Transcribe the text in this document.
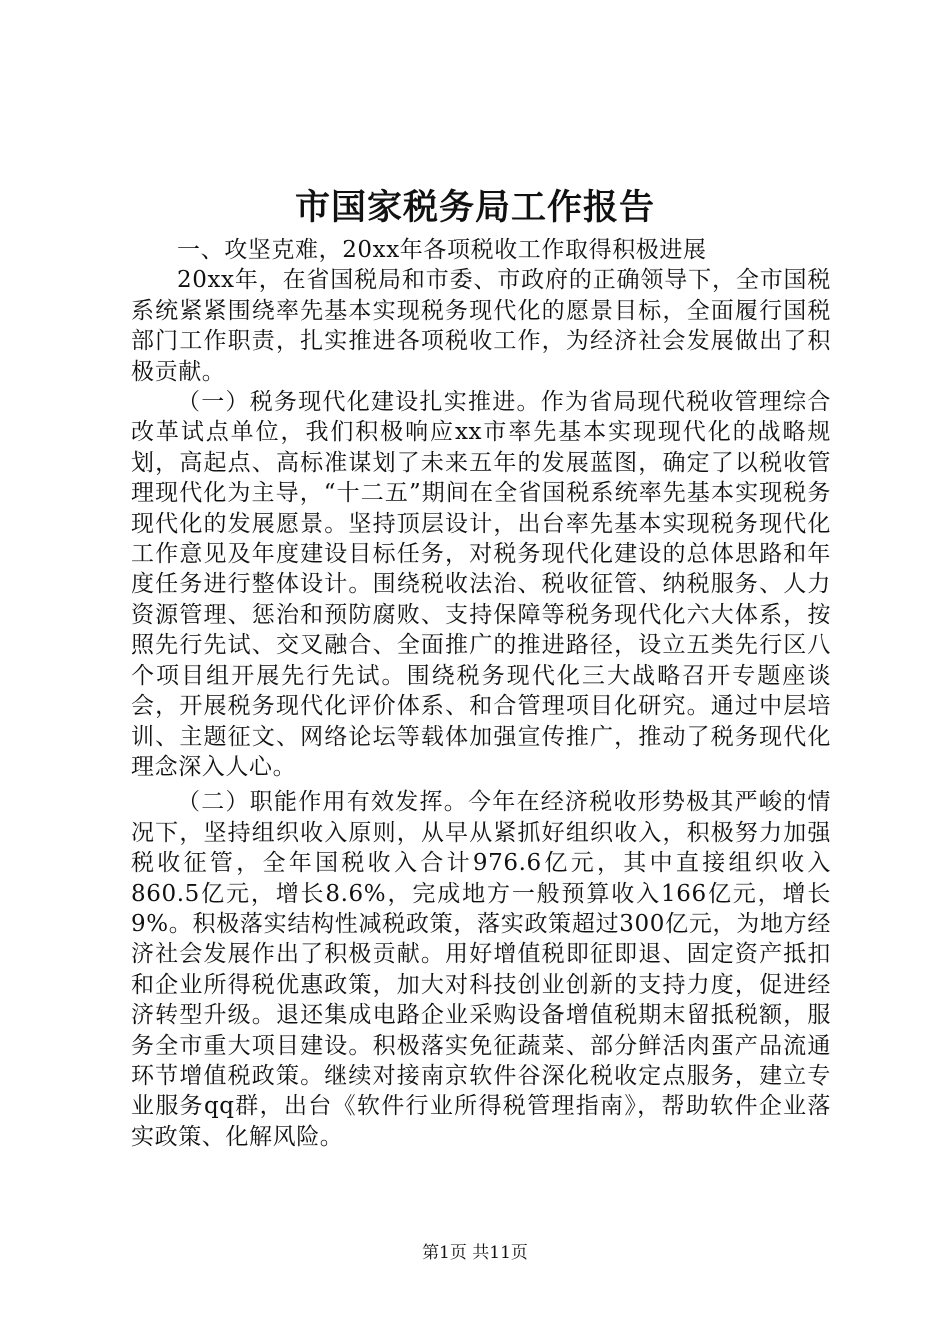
市国家税务局工作报告

一、攻坚克难，20xx年各项税收工作取得积极进展

20xx年，在省国税局和市委、市政府的正确领导下，全市国税系统紧紧围绕率先基本实现税务现代化的愿景目标，全面履行国税部门工作职责，扎实推进各项税收工作，为经济社会发展做出了积极贡献。

（一）税务现代化建设扎实推进。作为省局现代税收管理综合改革试点单位，我们积极响应xx市率先基本实现现代化的战略规划，高起点、高标准谋划了未来五年的发展蓝图，确定了以税收管理现代化为主导，“十二五”期间在全省国税系统率先基本实现税务现代化的发展愿景。坚持顶层设计，出台率先基本实现税务现代化工作意见及年度建设目标任务，对税务现代化建设的总体思路和年度任务进行整体设计。围绕税收法治、税收征管、纳税服务、人力资源管理、惩治和预防腐败、支持保障等税务现代化六大体系，按照先行先试、交叉融合、全面推广的推进路径，设立五类先行区八个项目组开展先行先试。围绕税务现代化三大战略召开专题座谈会，开展税务现代化评价体系、和合管理项目化研究。通过中层培训、主题征文、网络论坛等载体加强宣传推广，推动了税务现代化理念深入人心。

（二）职能作用有效发挥。今年在经济税收形势极其严峻的情况下，坚持组织收入原则，从早从紧抓好组织收入，积极努力加强税收征管，全年国税收入合计976.6亿元，其中直接组织收入860.5亿元，增长8.6%，完成地方一般预算收入166亿元，增长9%。积极落实结构性减税政策，落实政策超过300亿元，为地方经济社会发展作出了积极贡献。用好增值税即征即退、固定资产抵扣和企业所得税优惠政策，加大对科技创业创新的支持力度，促进经济转型升级。退还集成电路企业采购设备增值税期末留抵税额，服务全市重大项目建设。积极落实免征蔬菜、部分鲜活肉蛋产品流通环节增值税政策。继续对接南京软件谷深化税收定点服务，建立专业服务qq群，出台《软件行业所得税管理指南》，帮助软件企业落实政策、化解风险。

第1页 共11页
